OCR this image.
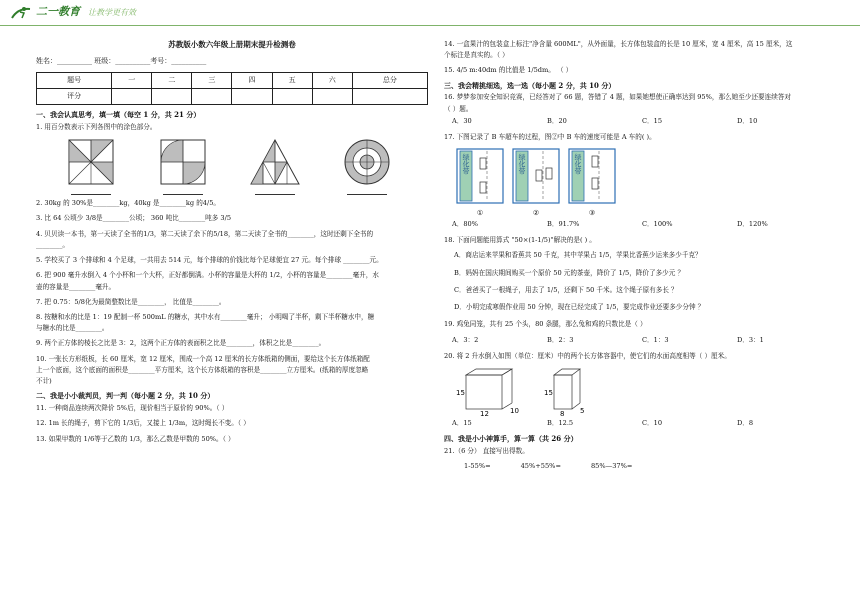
二一教育 让教学更有效
苏教版小数六年级上册期末提升检测卷
姓名：__________ 班级：__________考号：__________
题号	一	二	三	四	五	六	总分
评分							
一、我会认真思考，填一填（每空 1 分，共 21 分）
1. 用百分数表示下列各图中的涂色部分。
2. 30kg 的 30%是________kg，40kg 是________kg 的4/5。
3. 比 64 公顷少 3/8是________公顷； 360 吨比________吨多 3/5
4. 贝贝读一本书，第一天读了全书的1/3，第二天读了余下的5/18，第二天读了全书的________，这时还剩下全书的
________。
5. 学校买了 3 个排球和 4 个足球，一共用去 514 元，每个排球的价钱比每个足球便宜 27 元。每个排球 ________元。
6. 把 900 毫升水倒入 4 个小杯和一个大杯，正好都倒满。小杯的容量是大杯的 1/2，小杯的容量是________毫升，水
壶的容量是________毫升。
7. 把 0.75：5/8化为最简整数比是________， 比值是________。
8. 按糖和水的比是 1：19 配制一杯 500mL 的糖水，其中水有________毫升； 小明喝了半杯，剩下半杯糖水中，糖
与糖水的比是________。
9. 两个正方体的棱长之比是 3：2，这两个正方体的表面积之比是________，体积之比是________。
10. 一张长方形纸板，长 60 厘米，宽 12 厘米，围成一个高 12 厘米的长方体纸箱的侧面，要给这个长方体纸箱配
上一个底面，这个底面的面积是________平方厘米，这个长方体纸箱的容积是________立方厘米。(纸箱的厚度忽略
不计)
二、我是小小裁判员，判一判（每小题 2 分，共 10 分）
11. 一种商品连续两次降价 5%后，现价相当于原价的 90%。（ ）
12. 1m 长的绳子，剪下它的 1/3后，又接上 1/3m，这时绳长不变。（ ）
13. 如果甲数的 1/6等于乙数的 1/3，那么乙数是甲数的 50%。（ ）
14. 一盒果汁的包装盒上标注"净含量 600ML"，从外面量，长方体包装盒的长是 10 厘米，宽 4 厘米，高 15 厘米，这
个标注是真实的。（ ）
15. 4/5 m:40dm 的比值是 1/5dm。 （ ）
三、我会精挑细选，选一选（每小题 2 分，共 10 分）
16. 梦梦参加安全知识竞赛，已经答对了 66 题，答错了 4 题，如果她想使正确率达到 95%，那么她至少还要连续答对
（ ）题。
A．30	B．20	C．15	D．10
17. 下图记录了 B 车超车的过程，图②中 B 车的速度可能是 A 车的( )。
绿化带
①
绿化带
②
绿化带
③
A．80%	B．91.7%	C．100%	D．120%
18. 下面问题能用算式 "50×(1-1/5)"解决的是( ) 。
A．商店运来苹果和香蕉共 50 千克，其中苹果占 1/5，苹果比香蕉少运来多少千克？
B．妈妈在国庆期间购买一个原价 50 元的茶壶，降价了 1/5，降价了多少元 ？
C．爸爸买了一根绳子，用去了 1/5，还剩下 50 千米。这个绳子原有多长 ？
D．小明完成寒假作业用 50 分钟，现在已经完成了 1/5，要完成作业还要多少分钟 ？
19. 鸡兔同笼，共有 25 个头，80 条腿，那么兔和鸡的只数比是（ ）
A．3：2	B．2：3	C．1：3	D．3：1
20. 将 2 升水倒入如图（单位：厘米）中的两个长方体容器中，使它们的水面高度相等（ ）厘米。
15
12	10
15
8 5
A．15	B．12.5	C．10	D．8
四、我是小小神算手，算一算（共 26 分）
21.（6 分） 直接写出得数。
1-55%=	45%+55%=	85%—37%=
